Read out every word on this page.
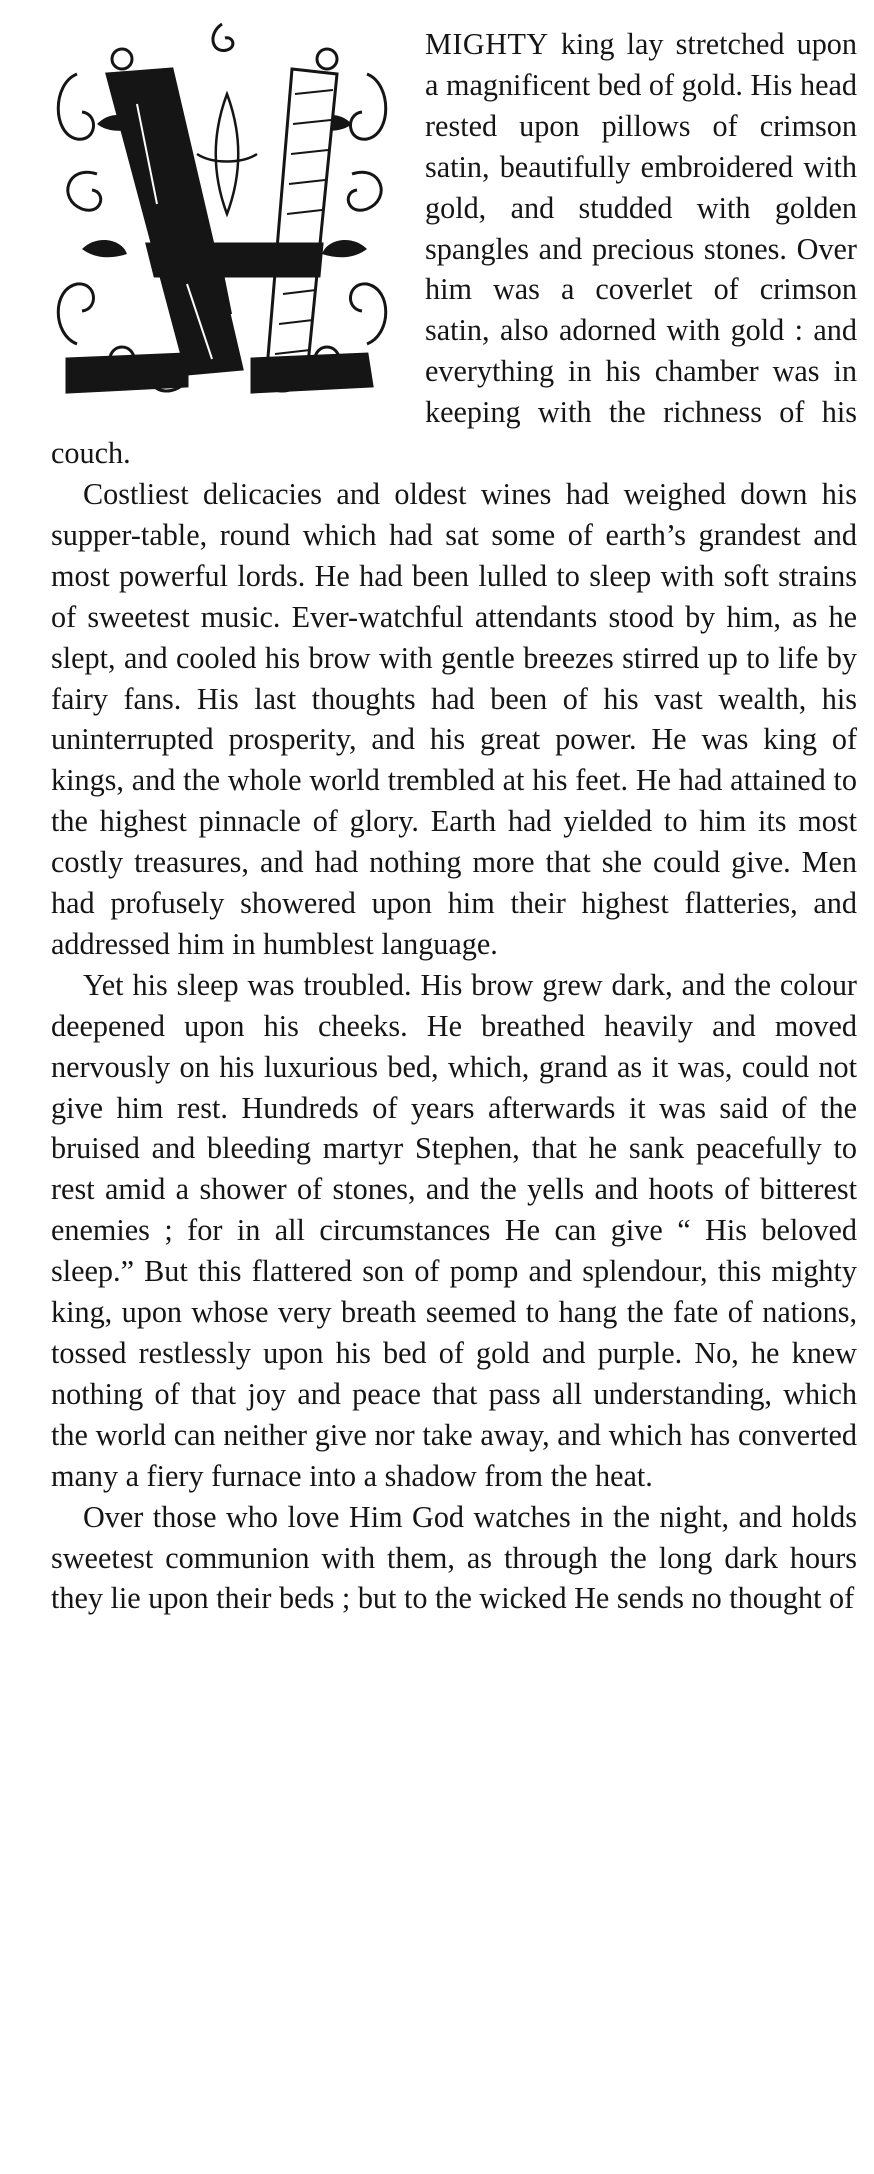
MIGHTY king lay stretched upon a magnificent bed of gold. His head rested upon pillows of crimson satin, beautifully embroidered with gold, and studded with golden spangles and precious stones. Over him was a coverlet of crimson satin, also adorned with gold : and everything in his chamber was in keeping with the richness of his couch.

Costliest delicacies and oldest wines had weighed down his supper-table, round which had sat some of earth’s grandest and most powerful lords. He had been lulled to sleep with soft strains of sweetest music. Ever-watchful attendants stood by him, as he slept, and cooled his brow with gentle breezes stirred up to life by fairy fans. His last thoughts had been of his vast wealth, his uninterrupted prosperity, and his great power. He was king of kings, and the whole world trembled at his feet. He had attained to the highest pinnacle of glory. Earth had yielded to him its most costly treasures, and had nothing more that she could give. Men had profusely showered upon him their highest flatteries, and addressed him in humblest language.

Yet his sleep was troubled. His brow grew dark, and the colour deepened upon his cheeks. He breathed heavily and moved nervously on his luxurious bed, which, grand as it was, could not give him rest. Hundreds of years afterwards it was said of the bruised and bleeding martyr Stephen, that he sank peacefully to rest amid a shower of stones, and the yells and hoots of bitterest enemies ; for in all circumstances He can give “ His beloved sleep.” But this flattered son of pomp and splendour, this mighty king, upon whose very breath seemed to hang the fate of nations, tossed restlessly upon his bed of gold and purple. No, he knew nothing of that joy and peace that pass all understanding, which the world can neither give nor take away, and which has converted many a fiery furnace into a shadow from the heat.

Over those who love Him God watches in the night, and holds sweetest communion with them, as through the long dark hours they lie upon their beds ; but to the wicked He sends no thought of
